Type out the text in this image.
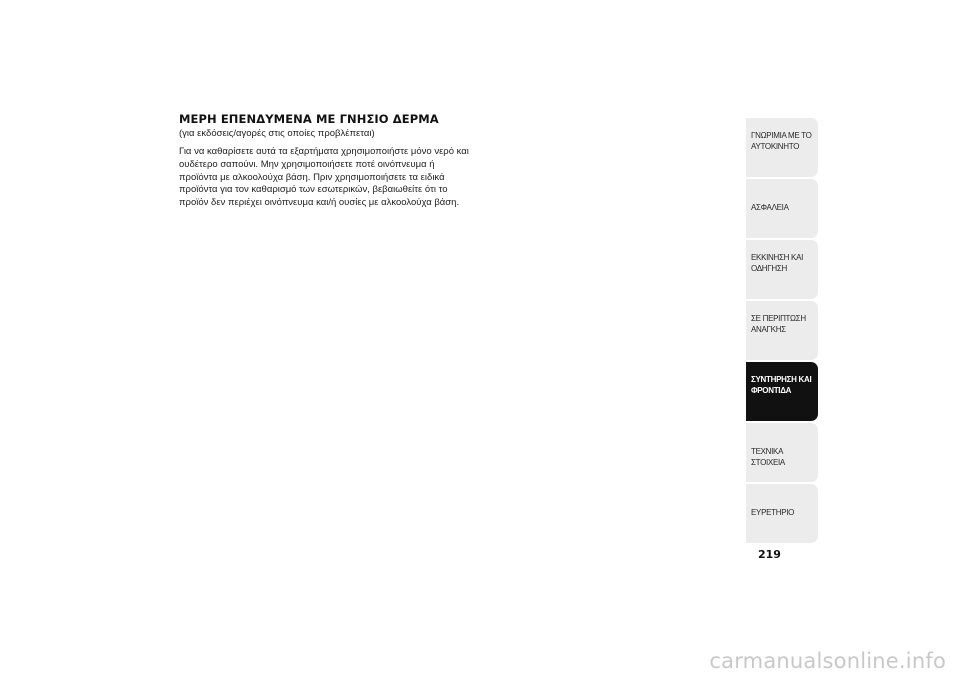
ΜΕΡΗ ΕΠΕΝΔΥΜΕΝΑ ΜΕ ΓΝΗΣΙΟ ΔΕΡΜΑ

(για εκδόσεις/αγορές στις οποίες προβλέπεται)

Για να καθαρίσετε αυτά τα εξαρτήματα χρησιμοποιήστε μόνο νερό και ουδέτερο σαπούνι. Μην χρησιμοποιήσετε ποτέ οινόπνευμα ή προϊόντα με αλκοολούχα βάση. Πριν χρησιμοποιήσετε τα ειδικά προϊόντα για τον καθαρισμό των εσωτερικών, βεβαιωθείτε ότι το προϊόν δεν περιέχει οινόπνευμα και/ή ουσίες με αλκοολούχα βάση.

ΓΝΩΡΙΜΙΑ ΜΕ ΤΟ
ΑΥΤΟΚΙΝΗΤΟ
ΑΣΦΑΛΕΙΑ
ΕΚΚΙΝΗΣΗ ΚΑΙ
ΟΔΗΓΗΣΗ
ΣΕ ΠΕΡΙΠΤΩΣΗ
ΑΝΑΓΚΗΣ
ΣΥΝΤΗΡΗΣΗ ΚΑΙ
ΦΡΟΝΤΙΔΑ
ΤΕΧΝΙΚΑ ΣΤΟΙΧΕΙΑ
ΕΥΡΕΤΗΡΙΟ
219
carmanualsonline.info
